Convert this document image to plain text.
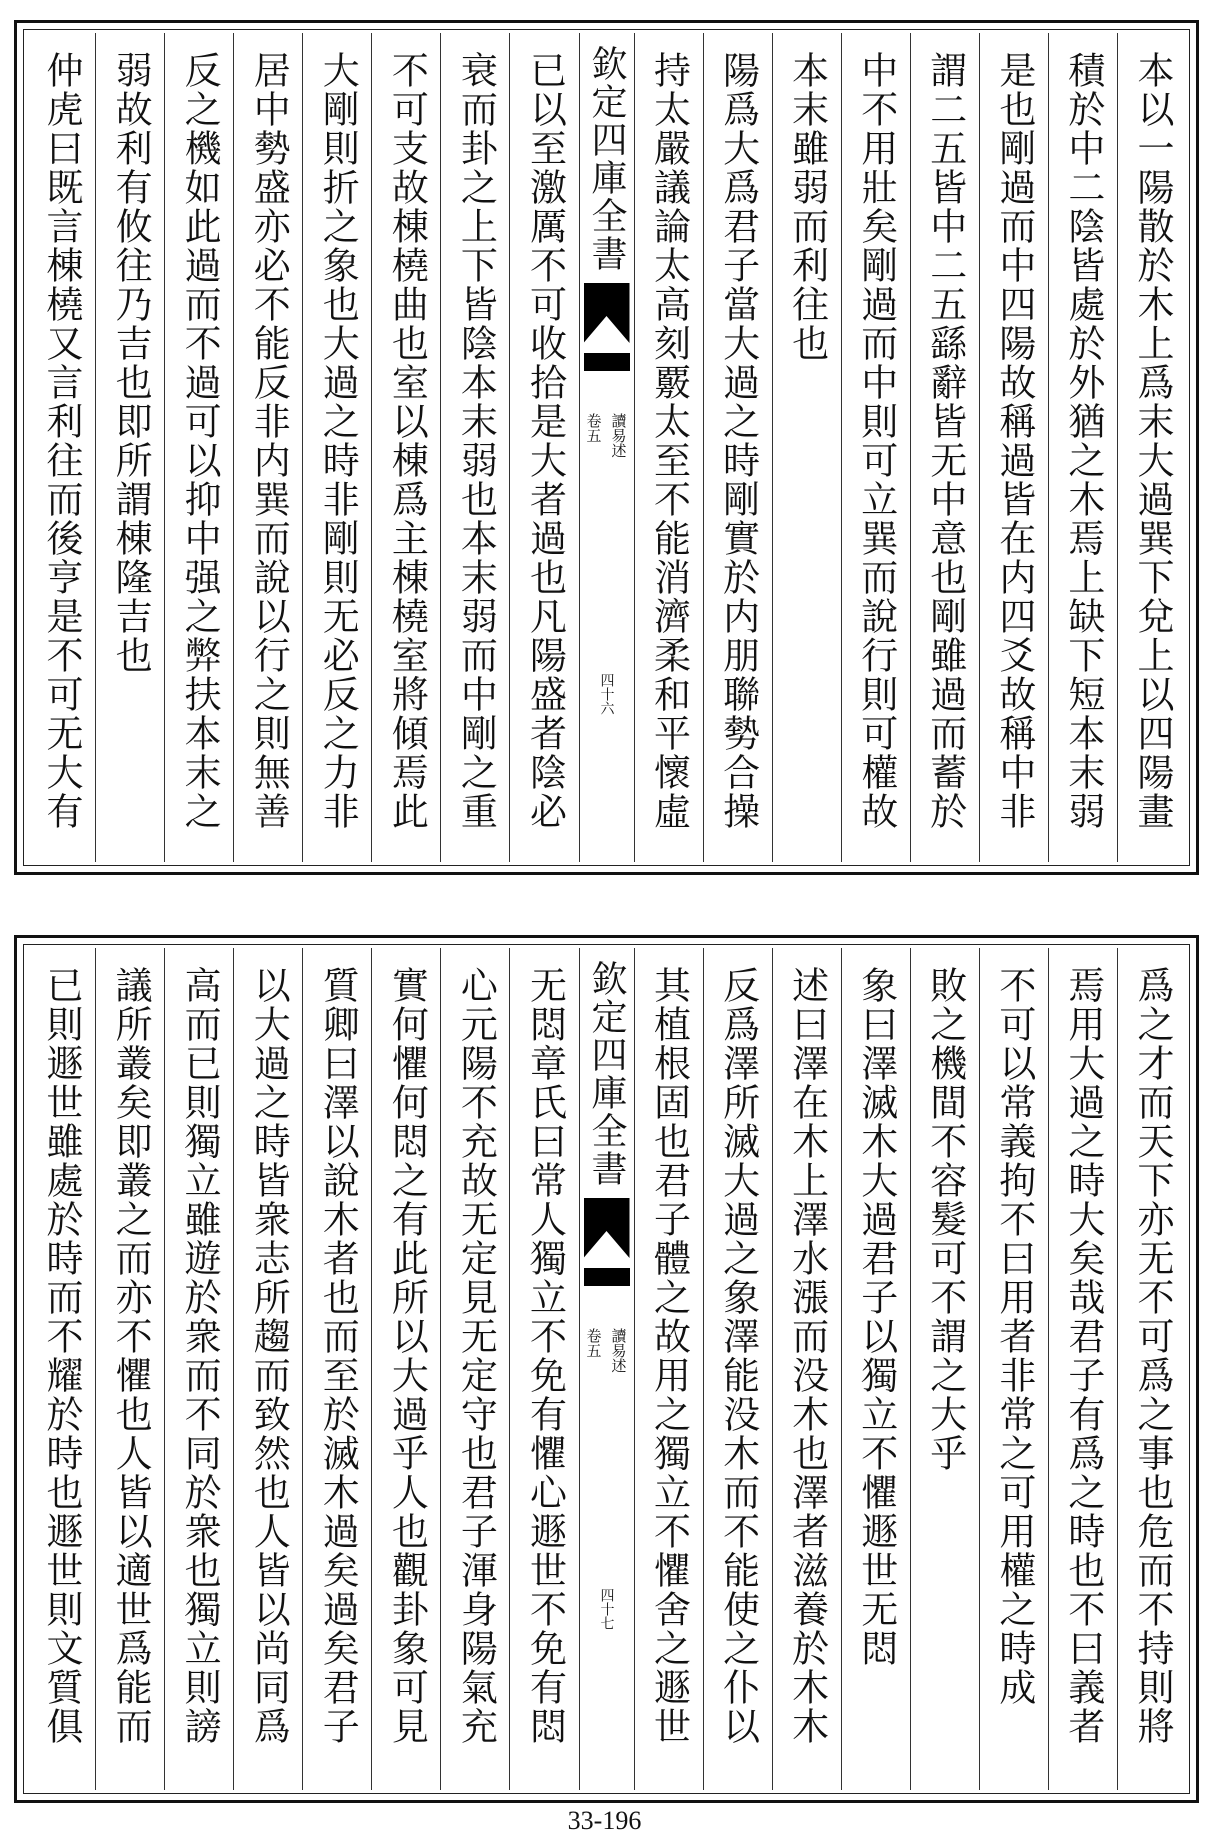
本以一陽散於木上爲末大過巽下兌上以四陽畫
積於中二陰皆處於外猶之木焉上缺下短本末弱
是也剛過而中四陽故稱過皆在内四爻故稱中非
謂二五皆中二五繇辭皆无中意也剛雖過而蓄於
中不用壯矣剛過而中則可立巽而說行則可權故
本末雖弱而利往也
陽爲大爲君子當大過之時剛實於内朋聯勢合操
持太嚴議論太高刻覈太至不能消濟柔和平懷虛
欽定四庫全書
讀易述
卷五
四十六
已以至激厲不可收拾是大者過也凡陽盛者陰必
衰而卦之上下皆陰本末弱也本末弱而中剛之重
不可支故棟橈曲也室以棟爲主棟橈室將傾焉此
大剛則折之象也大過之時非剛則无必反之力非
居中勢盛亦必不能反非内巽而說以行之則無善
反之機如此過而不過可以抑中强之弊扶本末之
弱故利有攸往乃吉也即所謂棟隆吉也
仲虎曰既言棟橈又言利往而後亨是不可无大有
爲之才而天下亦无不可爲之事也危而不持則將
焉用大過之時大矣哉君子有爲之時也不曰義者
不可以常義拘不曰用者非常之可用權之時成
敗之機間不容髮可不謂之大乎
象曰澤滅木大過君子以獨立不懼遯世无悶
述曰澤在木上澤水漲而没木也澤者滋養於木木
反爲澤所滅大過之象澤能没木而不能使之仆以
其植根固也君子體之故用之獨立不懼舍之遯世
欽定四庫全書
讀易述
卷五
四十七
无悶章氏曰常人獨立不免有懼心遯世不免有悶
心元陽不充故无定見无定守也君子渾身陽氣充
實何懼何悶之有此所以大過乎人也觀卦象可見
質卿曰澤以說木者也而至於滅木過矣過矣君子
以大過之時皆衆志所趨而致然也人皆以尚同爲
高而已則獨立雖遊於衆而不同於衆也獨立則謗
議所叢矣即叢之而亦不懼也人皆以適世爲能而
已則遯世雖處於時而不耀於時也遯世則文質俱
33-196
